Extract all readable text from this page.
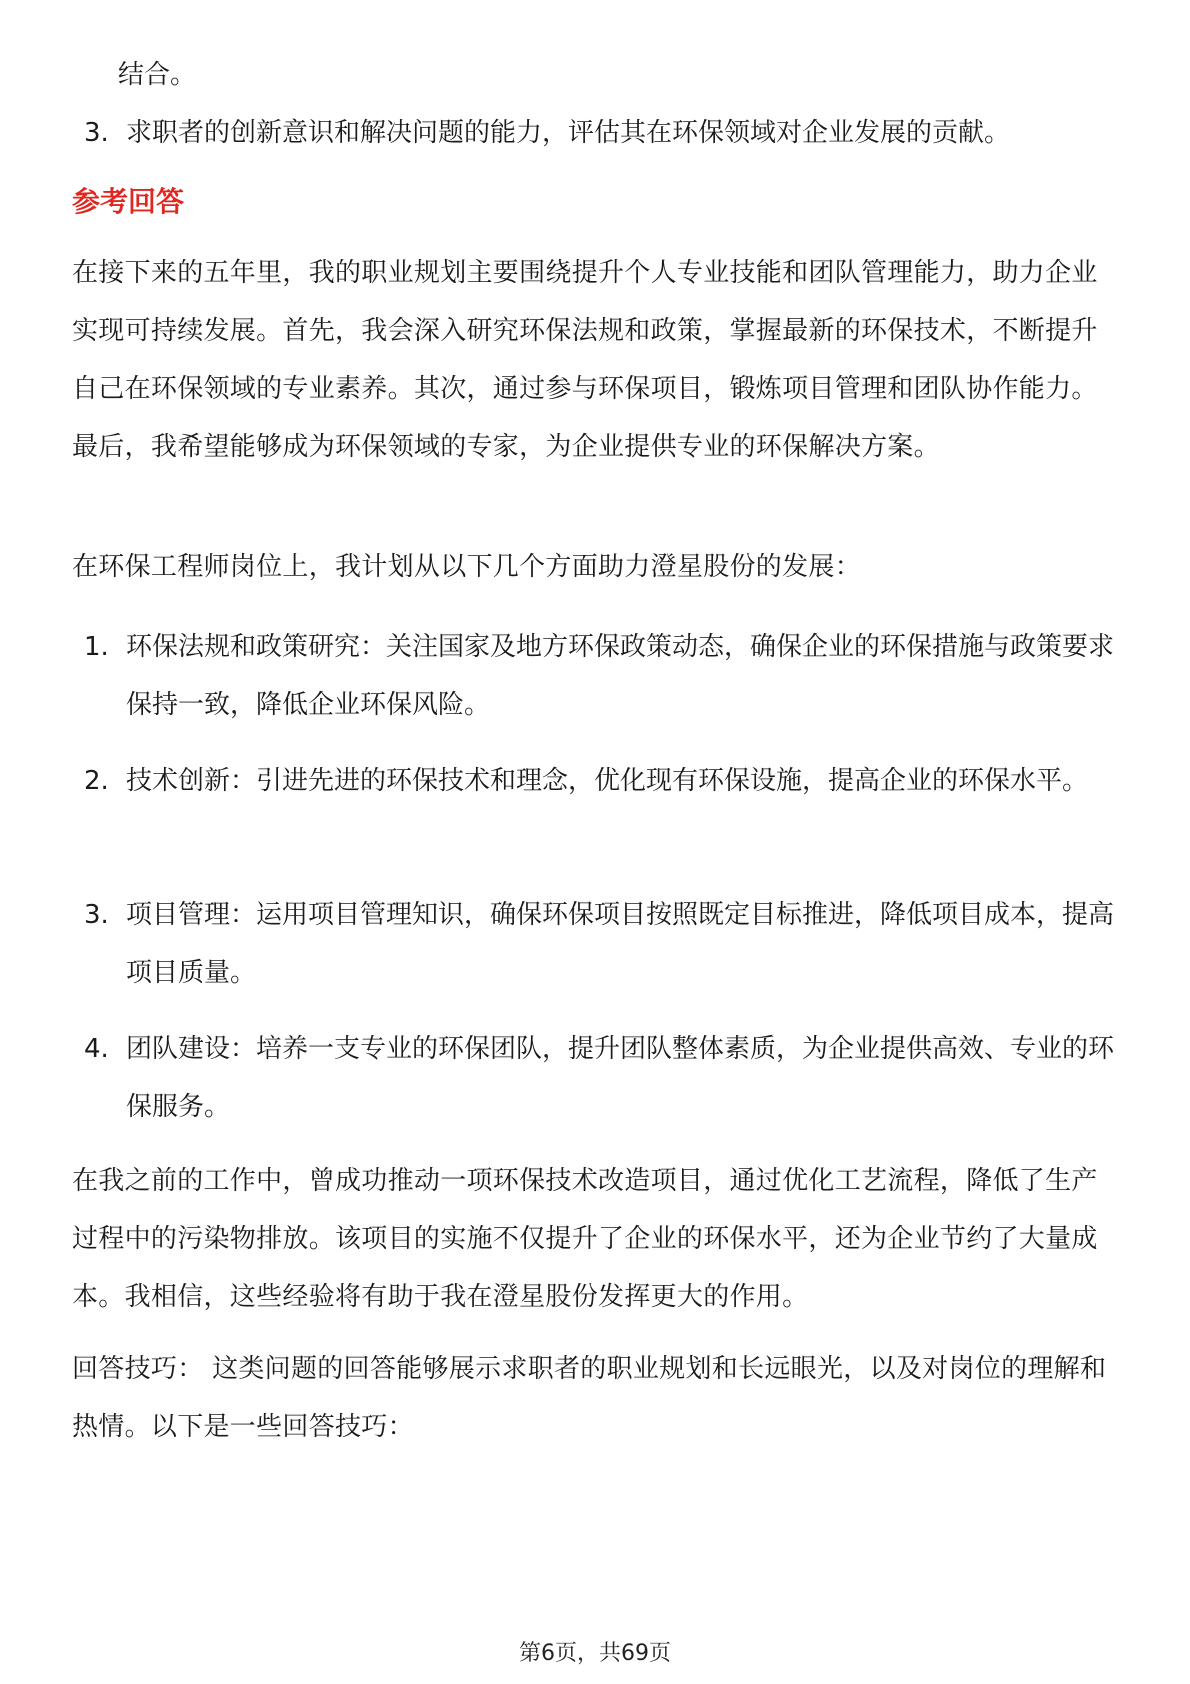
结合。
3. 求职者的创新意识和解决问题的能力，评估其在环保领域对企业发展的贡献。
参考回答
在接下来的五年里，我的职业规划主要围绕提升个人专业技能和团队管理能力，助力企业实现可持续发展。首先，我会深入研究环保法规和政策，掌握最新的环保技术，不断提升自己在环保领域的专业素养。其次，通过参与环保项目，锻炼项目管理和团队协作能力。最后，我希望能够成为环保领域的专家，为企业提供专业的环保解决方案。
在环保工程师岗位上，我计划从以下几个方面助力澄星股份的发展：
1. 环保法规和政策研究：关注国家及地方环保政策动态，确保企业的环保措施与政策要求保持一致，降低企业环保风险。
2. 技术创新：引进先进的环保技术和理念，优化现有环保设施，提高企业的环保水平。
3. 项目管理：运用项目管理知识，确保环保项目按照既定目标推进，降低项目成本，提高项目质量。
4. 团队建设：培养一支专业的环保团队，提升团队整体素质，为企业提供高效、专业的环保服务。
在我之前的工作中，曾成功推动一项环保技术改造项目，通过优化工艺流程，降低了生产过程中的污染物排放。该项目的实施不仅提升了企业的环保水平，还为企业节约了大量成本。我相信，这些经验将有助于我在澄星股份发挥更大的作用。
回答技巧： 这类问题的回答能够展示求职者的职业规划和长远眼光，以及对岗位的理解和热情。以下是一些回答技巧：
第6页，共69页
